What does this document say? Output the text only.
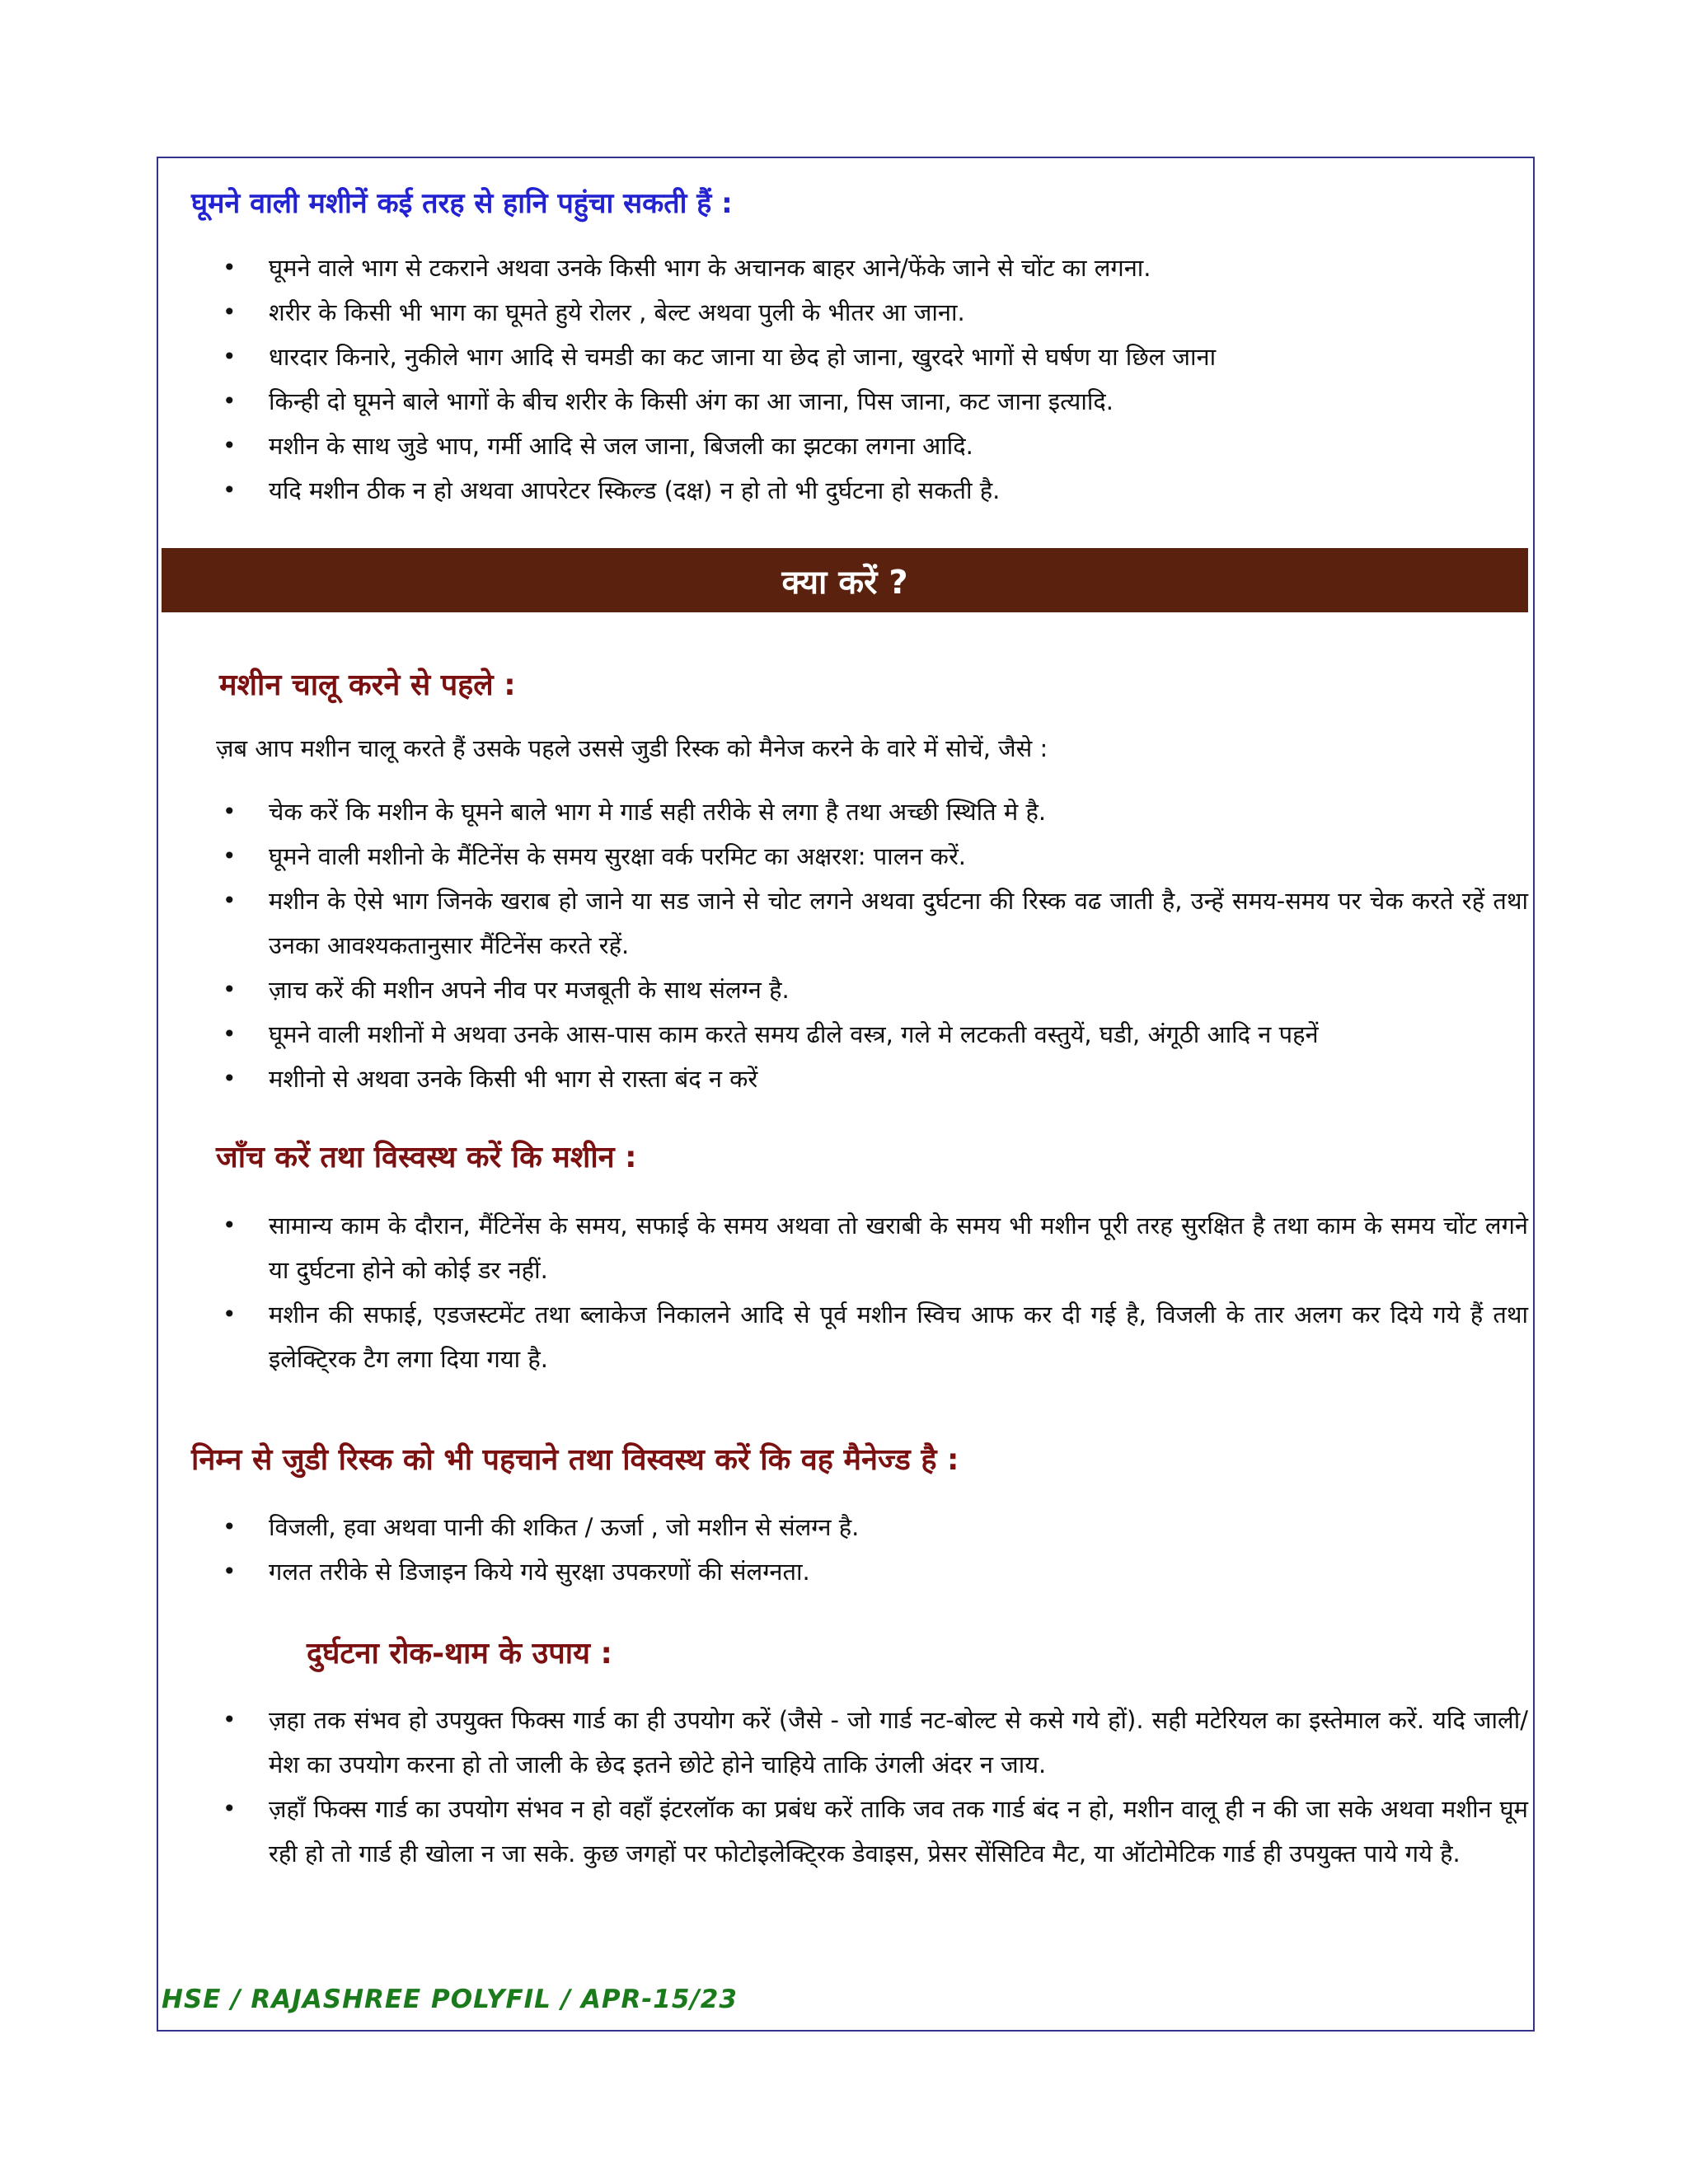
घूमने वाली मशीनें कई तरह से हानि पहुंचा सकती हैं :
• घूमने वाले भाग से टकराने अथवा उनके किसी भाग के अचानक बाहर आने/फेंके जाने से चोंट का लगना.
• शरीर के किसी भी भाग का घूमते हुये रोलर , बेल्ट अथवा पुली के भीतर आ जाना.
• धारदार किनारे, नुकीले भाग आदि से चमडी का कट जाना या छेद हो जाना, खुरदरे भागों से घर्षण या छिल जाना
• किन्ही दो घूमने बाले भागों के बीच शरीर के किसी अंग का आ जाना, पिस जाना, कट जाना इत्यादि.
• मशीन के साथ जुडे भाप, गर्मी आदि से जल जाना, बिजली का झटका लगना आदि.
• यदि मशीन ठीक न हो अथवा आपरेटर स्किल्ड (दक्ष) न हो तो भी दुर्घटना हो सकती है.
क्या करें ?
मशीन चालू करने से पहले :
ज़ब आप मशीन चालू करते हैं उसके पहले उससे जुडी रिस्क को मैनेज करने के वारे में सोचें, जैसे :
• चेक करें कि मशीन के घूमने बाले भाग मे गार्ड सही तरीके से लगा है तथा अच्छी स्थिति मे है.
• घूमने वाली मशीनो के मैंटिनेंस के समय सुरक्षा वर्क परमिट का अक्षरश: पालन करें.
• मशीन के ऐसे भाग जिनके खराब हो जाने या सड जाने से चोट लगने अथवा दुर्घटना की रिस्क वढ जाती है, उन्हें समय-समय पर चेक करते रहें तथा उनका आवश्यकतानुसार मैंटिनेंस करते रहें.
• ज़ाच करें की मशीन अपने नीव पर मजबूती के साथ संलग्न है.
• घूमने वाली मशीनों मे अथवा उनके आस-पास काम करते समय ढीले वस्त्र, गले मे लटकती वस्तुयें, घडी, अंगूठी आदि न पहनें
• मशीनो से अथवा उनके किसी भी भाग से रास्ता बंद न करें
जाँच करें तथा विस्वस्थ करें कि मशीन :
• सामान्य काम के दौरान, मैंटिनेंस के समय, सफाई के समय अथवा तो खराबी के समय भी मशीन पूरी तरह सुरक्षित है तथा काम के समय चोंट लगने या दुर्घटना होने को कोई डर नहीं.
• मशीन की सफाई, एडजस्टमेंट तथा ब्लाकेज निकालने आदि से पूर्व मशीन स्विच आफ कर दी गई है, विजली के तार अलग कर दिये गये हैं तथा इलेक्टि्रक टैग लगा दिया गया है.
निम्न से जुडी रिस्क को भी पहचाने तथा विस्वस्थ करें कि वह मैनेज्ड है :
• विजली, हवा अथवा पानी की शकित / ऊर्जा , जो मशीन से संलग्न है.
• गलत तरीके से डिजाइन किये गये सुरक्षा उपकरणों की संलग्नता.
दुर्घटना रोक-थाम के उपाय :
• ज़हा तक संभव हो उपयुक्त फिक्स गार्ड का ही उपयोग करें (जैसे - जो गार्ड नट-बोल्ट से कसे गये हों). सही मटेरियल का इस्तेमाल करें. यदि जाली/मेश का उपयोग करना हो तो जाली के छेद इतने छोटे होने चाहिये ताकि उंगली अंदर न जाय.
• ज़हाँ फिक्स गार्ड का उपयोग संभव न हो वहाँ इंटरलॉक का प्रबंध करें ताकि जव तक गार्ड बंद न हो, मशीन वालू ही न की जा सके अथवा मशीन घूम रही हो तो गार्ड ही खोला न जा सके. कुछ जगहों पर फोटोइलेक्टि्रक डेवाइस, प्रेसर सेंसिटिव मैट, या ऑटोमेटिक गार्ड ही उपयुक्त पाये गये है.
HSE / RAJASHREE POLYFIL / APR-15/23
